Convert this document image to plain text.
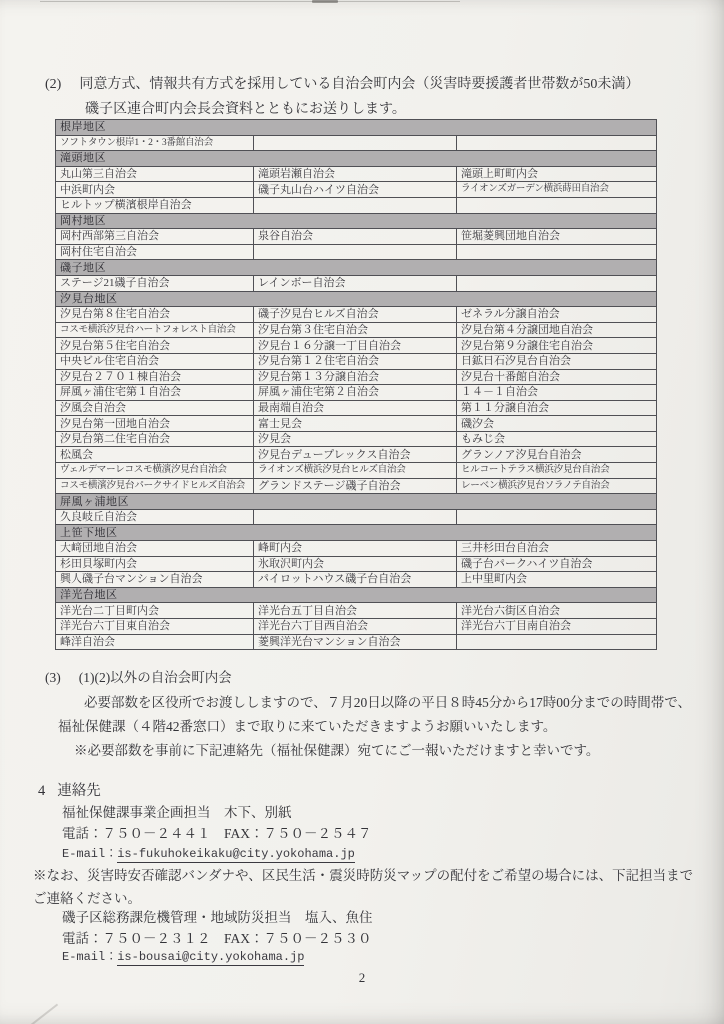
(2) 同意方式、情報共有方式を採用している自治会町内会（災害時要援護者世帯数が50未満）
磯子区連合町内会長会資料とともにお送りします。
根岸地区		
ソフトタウン根岸1・2・3番館自治会		
滝頭地区		
丸山第三自治会	滝頭岩瀬自治会	滝頭上町町内会
中浜町内会	磯子丸山台ハイツ自治会	ライオンズガーデン横浜蒔田自治会
ヒルトップ横濱根岸自治会		
岡村地区		
岡村西部第三自治会	泉谷自治会	笹堀菱興団地自治会
岡村住宅自治会		
磯子地区		
ステージ21磯子自治会	レインボー自治会	
汐見台地区		
汐見台第８住宅自治会	磯子汐見台ヒルズ自治会	ゼネラル分譲自治会
コスモ横浜汐見台ハートフォレスト自治会	汐見台第３住宅自治会	汐見台第４分譲団地自治会
汐見台第５住宅自治会	汐見台１６分譲一丁目自治会	汐見台第９分譲住宅自治会
中央ビル住宅自治会	汐見台第１２住宅自治会	日鉱日石汐見台自治会
汐見台２７０１棟自治会	汐見台第１３分譲自治会	汐見台十番館自治会
屏風ヶ浦住宅第１自治会	屏風ヶ浦住宅第２自治会	１４－１自治会
汐風会自治会	最南端自治会	第１１分譲自治会
汐見台第一団地自治会	富士見会	磯汐会
汐見台第二住宅自治会	汐見会	もみじ会
松風会	汐見台デュープレックス自治会	グランノア汐見台自治会
ヴェルデマーレコスモ横濱汐見台自治会	ライオンズ横浜汐見台ヒルズ自治会	ヒルコートテラス横浜汐見台自治会
コスモ横濱汐見台パークサイドヒルズ自治会	グランドステージ磯子自治会	レーベン横浜汐見台ソラノテ自治会
屏風ヶ浦地区		
久良岐丘自治会		
上笹下地区		
大﨑団地自治会	峰町内会	三井杉田台自治会
杉田貝塚町内会	氷取沢町内会	磯子台パークハイツ自治会
興人磯子台マンション自治会	パイロットハウス磯子台自治会	上中里町内会
洋光台地区		
洋光台二丁目町内会	洋光台五丁目自治会	洋光台六街区自治会
洋光台六丁目東自治会	洋光台六丁目西自治会	洋光台六丁目南自治会
峰洋自治会	菱興洋光台マンション自治会	
(3) (1)(2)以外の自治会町内会
必要部数を区役所でお渡ししますので、７月20日以降の平日８時45分から17時00分までの時間帯で、
福祉保健課（４階42番窓口）まで取りに来ていただきますようお願いいたします。
※必要部数を事前に下記連絡先（福祉保健課）宛てにご一報いただけますと幸いです。
4 連絡先
福祉保健課事業企画担当　木下、別紙
電話：７５０－２４４１　FAX：７５０－２５４７
E-mail：is-fukuhokeikaku@city.yokohama.jp
※なお、災害時安否確認バンダナや、区民生活・震災時防災マップの配付をご希望の場合には、下記担当までご連絡ください。
磯子区総務課危機管理・地域防災担当　塩入、魚住
電話：７５０－２３１２　FAX：７５０－２５３０
E-mail：is-bousai@city.yokohama.jp
2
